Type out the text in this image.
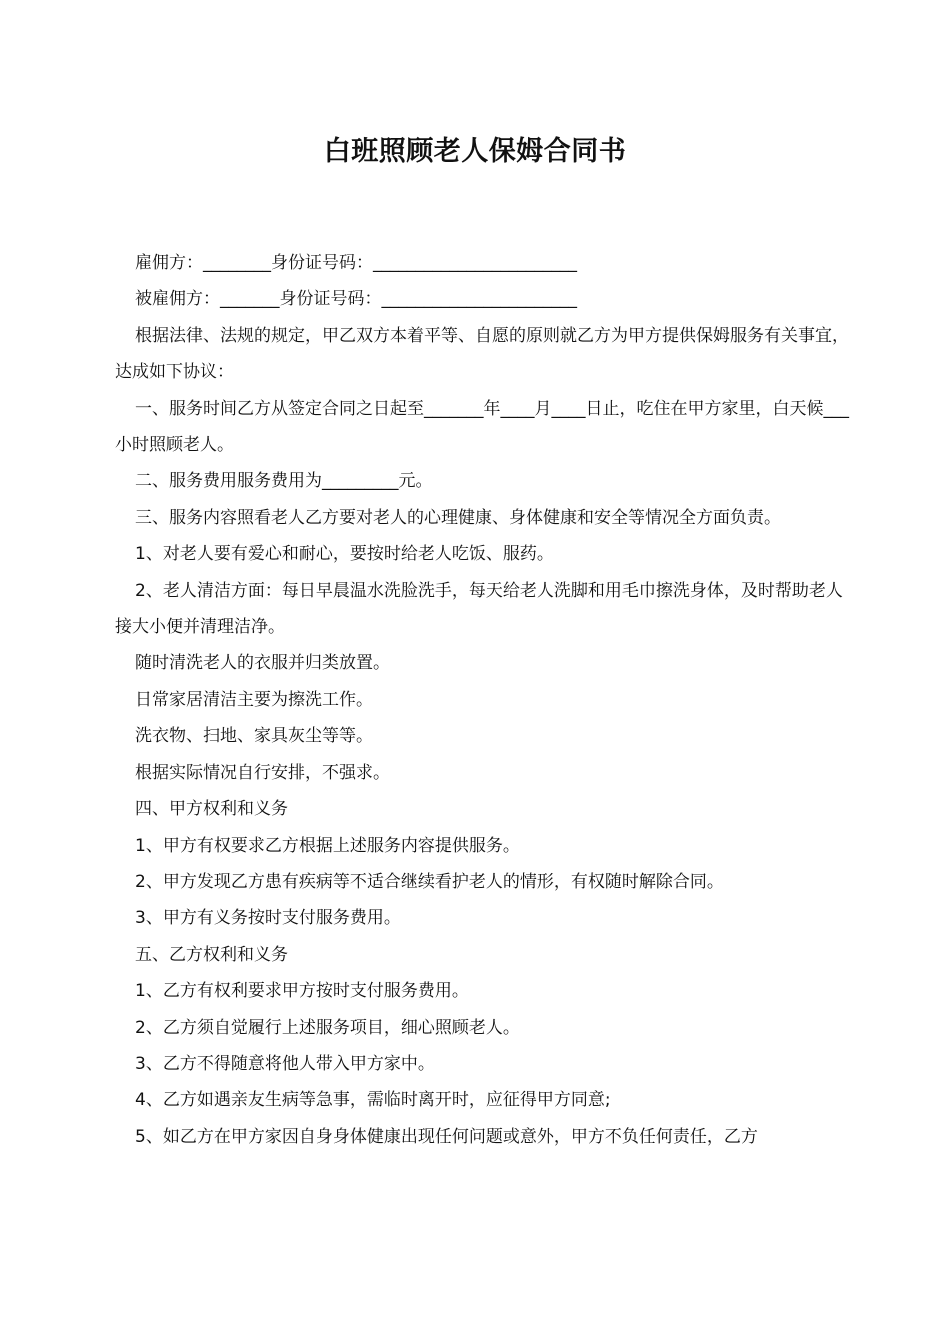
白班照顾老人保姆合同书

雇佣方：________身份证号码：________________________

被雇佣方：_______身份证号码：_______________________

根据法律、法规的规定，甲乙双方本着平等、自愿的原则就乙方为甲方提供保姆服务有关事宜，达成如下协议：

一、服务时间乙方从签定合同之日起至_______年____月____日止，吃住在甲方家里，白天候___小时照顾老人。

二、服务费用服务费用为_________元。

三、服务内容照看老人乙方要对老人的心理健康、身体健康和安全等情况全方面负责。

1、对老人要有爱心和耐心，要按时给老人吃饭、服药。

2、老人清洁方面：每日早晨温水洗脸洗手，每天给老人洗脚和用毛巾擦洗身体，及时帮助老人接大小便并清理洁净。

随时清洗老人的衣服并归类放置。

日常家居清洁主要为擦洗工作。

洗衣物、扫地、家具灰尘等等。

根据实际情况自行安排，不强求。

四、甲方权利和义务

1、甲方有权要求乙方根据上述服务内容提供服务。

2、甲方发现乙方患有疾病等不适合继续看护老人的情形，有权随时解除合同。

3、甲方有义务按时支付服务费用。

五、乙方权利和义务

1、乙方有权利要求甲方按时支付服务费用。

2、乙方须自觉履行上述服务项目，细心照顾老人。

3、乙方不得随意将他人带入甲方家中。

4、乙方如遇亲友生病等急事，需临时离开时，应征得甲方同意;

5、如乙方在甲方家因自身身体健康出现任何问题或意外，甲方不负任何责任，乙方
